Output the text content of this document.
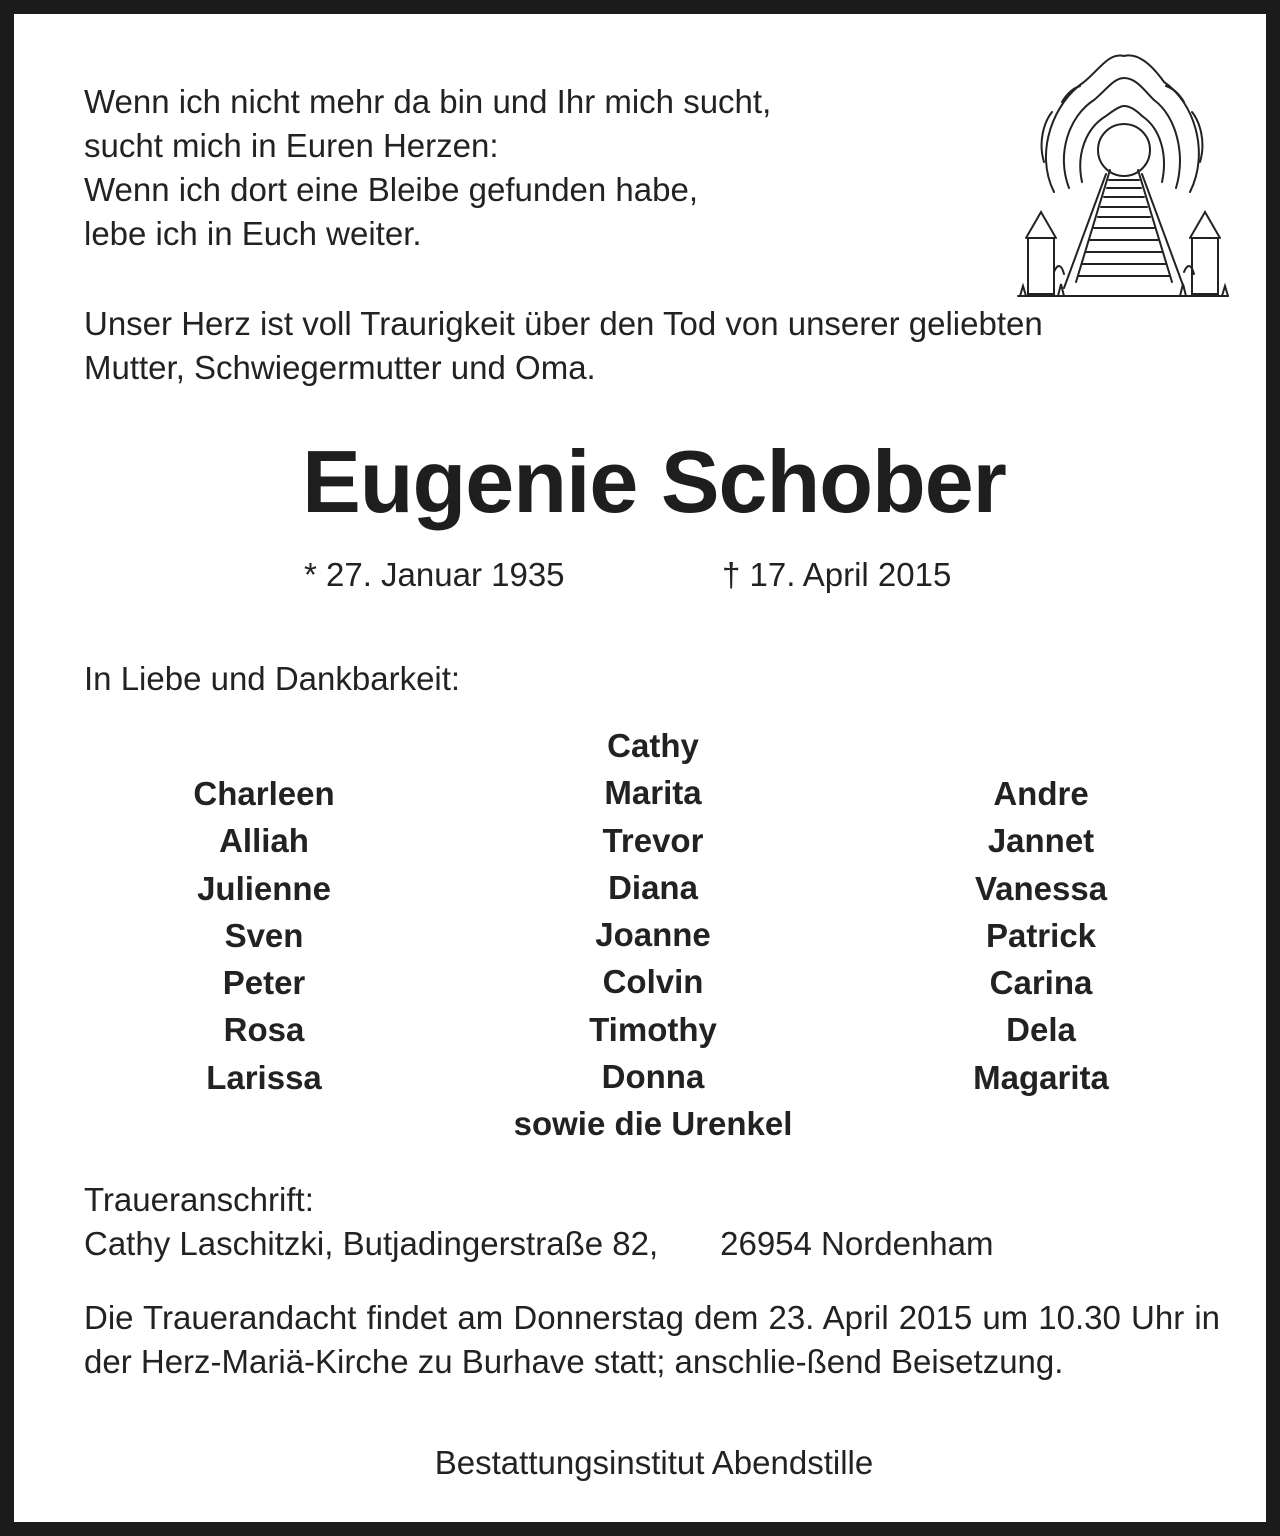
Wenn ich nicht mehr da bin und Ihr mich sucht,
sucht mich in Euren Herzen:
Wenn ich dort eine Bleibe gefunden habe,
lebe ich in Euch weiter.
Unser Herz ist voll Traurigkeit über den Tod von unserer geliebten
Mutter, Schwiegermutter und Oma.
Eugenie Schober
* 27. Januar 1935	† 17. April 2015
In Liebe und Dankbarkeit:
Charleen
Alliah
Julienne
Sven
Peter
Rosa
Larissa
Cathy
Marita
Trevor
Diana
Joanne
Colvin
Timothy
Donna
sowie die Urenkel
Andre
Jannet
Vanessa
Patrick
Carina
Dela
Magarita
Traueranschrift:
Cathy Laschitzki, Butjadingerstraße 82, 26954 Nordenham
Die Trauerandacht findet am Donnerstag dem 23. April 2015 um 10.30 Uhr in der Herz-Mariä-Kirche zu Burhave statt; anschlie-ßend Beisetzung.
Bestattungsinstitut Abendstille
